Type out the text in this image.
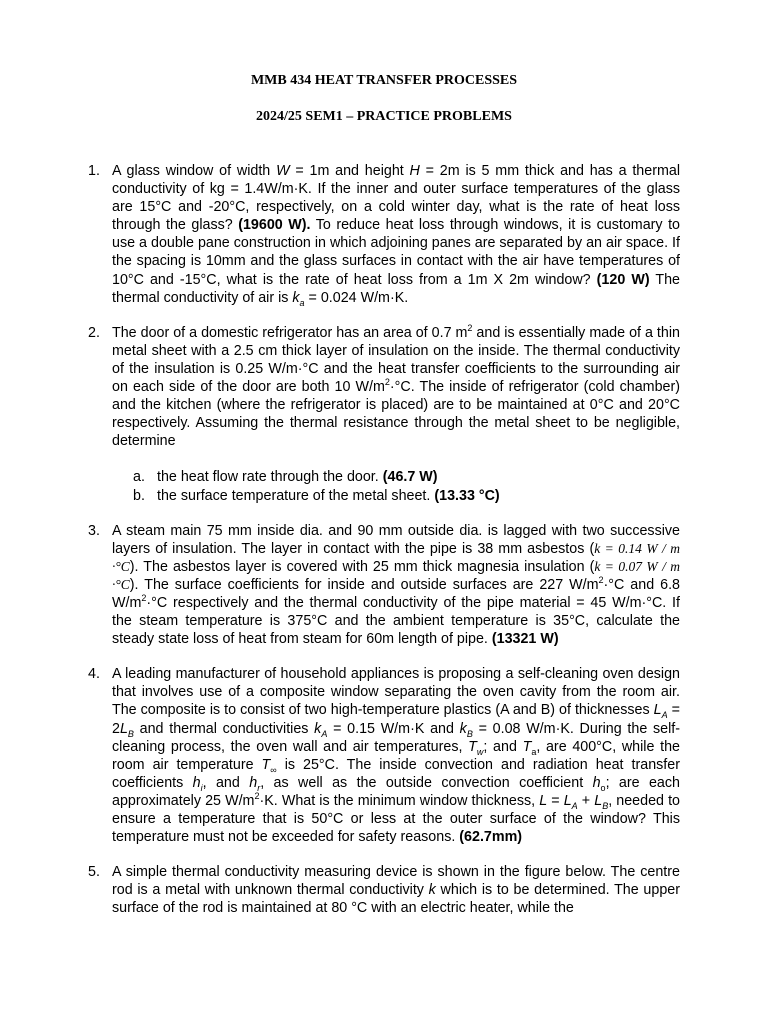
MMB 434 HEAT TRANSFER PROCESSES
2024/25 SEM1 – PRACTICE PROBLEMS
1. A glass window of width W = 1m and height H = 2m is 5 mm thick and has a thermal conductivity of kg = 1.4W/m·K. If the inner and outer surface temperatures of the glass are 15°C and -20°C, respectively, on a cold winter day, what is the rate of heat loss through the glass? (19600 W). To reduce heat loss through windows, it is customary to use a double pane construction in which adjoining panes are separated by an air space. If the spacing is 10mm and the glass surfaces in contact with the air have temperatures of 10°C and -15°C, what is the rate of heat loss from a 1m X 2m window? (120 W) The thermal conductivity of air is $k_a = 0.024$ W/m·K.

2. The door of a domestic refrigerator has an area of 0.7 $m^2$ and is essentially made of a thin metal sheet with a 2.5 cm thick layer of insulation on the inside. The thermal conductivity of the insulation is 0.25 W/m·°C and the heat transfer coefficients to the surrounding air on each side of the door are both 10 $W/m^2\cdot^\circ C$. The inside of refrigerator (cold chamber) and the kitchen (where the refrigerator is placed) are to be maintained at 0°C and 20°C respectively. Assuming the thermal resistance through the metal sheet to be negligible, determine

a. the heat flow rate through the door. (46.7 W)
b. the surface temperature of the metal sheet. (13.33 °C)
3. A steam main 75 mm inside dia. and 90 mm outside dia. is lagged with two successive layers of insulation. The layer in contact with the pipe is 38 mm asbestos (k = 0.14 W / m ·°C). The asbestos layer is covered with 25 mm thick magnesia insulation (k = 0.07 W / m ·°C). The surface coefficients for inside and outside surfaces are 227 $W/m^2\cdot^\circ C$ and 6.8 $W/m^2\cdot^\circ C$ respectively and the thermal conductivity of the pipe material = 45 W/m·°C. If the steam temperature is 375°C and the ambient temperature is 35°C, calculate the steady state loss of heat from steam for 60m length of pipe. (13321 W)

4. A leading manufacturer of household appliances is proposing a self-cleaning oven design that involves use of a composite window separating the oven cavity from the room air. The composite is to consist of two high-temperature plastics (A and B) of thicknesses $L_A = 2L_B$ and thermal conductivities $k_A = 0.15$ W/m·K and $k_B = 0.08$ W/m·K. During the self-cleaning process, the oven wall and air temperatures, $T_w$; and $T_a$, are 400°C, while the room air temperature $T_\infty$ is 25°C. The inside convection and radiation heat transfer coefficients $h_i$, and $h_r$, as well as the outside convection coefficient $h_o$; are each approximately 25 $W/m^2\cdot K$. What is the minimum window thickness, $L = L_A + L_B$, needed to ensure a temperature that is 50°C or less at the outer surface of the window? This temperature must not be exceeded for safety reasons. (62.7mm)

5. A simple thermal conductivity measuring device is shown in the figure below. The centre rod is a metal with unknown thermal conductivity k which is to be determined. The upper surface of the rod is maintained at 80 °C with an electric heater, while the
